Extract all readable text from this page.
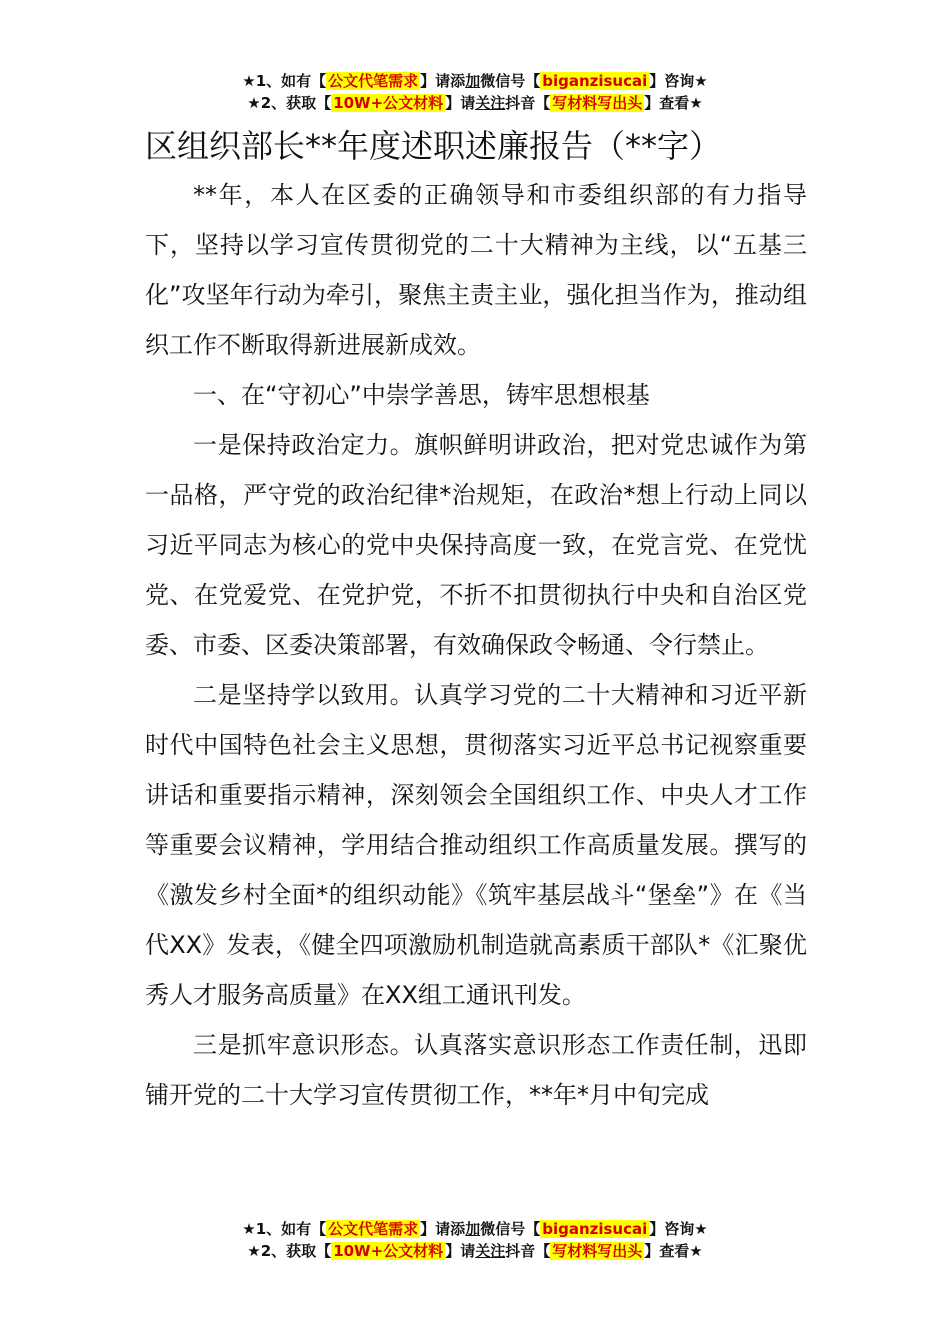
★1、如有【 公文代笔需求 】请添加微信号【 biganzisucai 】咨询★
★2、获取【 10W+公文材料 】请关注抖音【 写材料写出头 】查看★
区组织部长**年度述职述廉报告（**字）

**年，本人在区委的正确领导和市委组织部的有力指导下，坚持以学习宣传贯彻党的二十大精神为主线，以“五基三化”攻坚年行动为牵引，聚焦主责主业，强化担当作为，推动组织工作不断取得新进展新成效。

一、在“守初心”中崇学善思，铸牢思想根基

一是保持政治定力。旗帜鲜明讲政治，把对党忠诚作为第一品格，严守党的政治纪律*治规矩，在政治*想上行动上同以习近平同志为核心的党中央保持高度一致，在党言党、在党忧党、在党爱党、在党护党，不折不扣贯彻执行中央和自治区党委、市委、区委决策部署，有效确保政令畅通、令行禁止。

二是坚持学以致用。认真学习党的二十大精神和习近平新时代中国特色社会主义思想，贯彻落实习近平总书记视察重要讲话和重要指示精神，深刻领会全国组织工作、中央人才工作等重要会议精神，学用结合推动组织工作高质量发展。撰写的《激发乡村全面*的组织动能》《筑牢基层战斗“堡垒”》在《当代XX》发表，《健全四项激励机制造就高素质干部队*《汇聚优秀人才服务高质量》在XX组工通讯刊发。

三是抓牢意识形态。认真落实意识形态工作责任制，迅即铺开党的二十大学习宣传贯彻工作，**年*月中旬完成

★1、如有【 公文代笔需求 】请添加微信号【 biganzisucai 】咨询★
★2、获取【 10W+公文材料 】请关注抖音【 写材料写出头 】查看★
